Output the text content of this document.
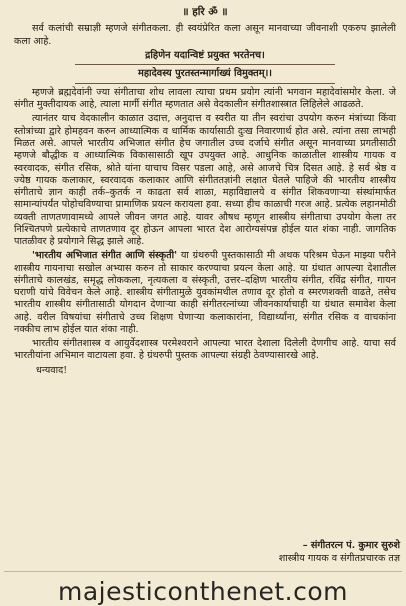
॥ हरि ॐ ॥

सर्व कलांची सम्राज्ञी म्हणजे संगीतकला. ही स्वयंप्रेरित कला असून मानवाच्या जीवनाशी एकरुप झालेली कला आहे.

द्रहिणेन यदान्विष्टं प्रयुक्त भरतेनच।
महादेवस्य पुरतस्तन्मार्गाख्यं विमुक्तम्।।

म्हणजे ब्रह्मदेवांनी ज्या संगीताचा शोध लावला त्याचा प्रथम प्रयोग त्यांनी भगवान महादेवांसमोर केला. जे संगीत मुक्तीदायक आहे, त्याला मार्गी संगीत म्हणतात असे वेदकालीन संगीतशास्त्रात लिहिलेले आढळते.

त्यानंतर याच वेदकालीन काळात उदात्त, अनुदात्त व स्वरीत या तीन स्वरांचा उपयोग करुन मंत्रांच्या किंवा स्तोत्रांच्या द्वारे होमहवन करुन आध्यात्मिक व धार्मिक कार्यासाठी दुःख निवारणार्थ होत असे. त्यांना तसा लाभही मिळत असे. आपले भारतीय अभिजात संगीत हेच जगातील उच्च दर्जाचे संगीत असून मानवाच्या प्रगतीसाठी म्हणजे बौद्धीक व आध्यात्मिक विकासासाठी खूप उपयुक्त आहे. आधुनिक काळातील शास्त्रीय गायक व स्वरवादक, संगीत रसिक, श्रोते यांना याचाच विसर पडला आहे, असे आजचे चित्र दिसत आहे. हे सर्व श्रेष्ठ व ज्येष्ठ गायक कलाकार, स्वरवादक कलाकार आणि संगीततज्ञांनी लक्षात घेतले पाहिजे की भारतीय शास्त्रीय संगीताचे ज्ञान काही तर्क–कुतर्क न काढता सर्व शाळा, महाविद्यालये व संगीत शिकवणाऱ्या संस्थांमार्फत सामान्यांपर्यंत पोहोचविण्याचा प्रामाणिक प्रयत्न करायला हवा. सध्या हीच काळाची गरज आहे. प्रत्येक लहानमोठी व्यक्ती ताणतणावामध्ये आपले जीवन जगत आहे. यावर औषध म्हणून शास्त्रीय संगीताचा उपयोग केला तर निश्चितपणे प्रत्येकाचे ताणतणाव दूर होऊन आपला भारत देश आरोग्यसंपन्न होईल यात शंका नाही. जागतिक पातळीवर हे प्रयोगाने सिद्ध झाले आहे.

'भारतीय अभिजात संगीत आणि संस्कृती' या ग्रंथरुपी पुस्तकासाठी मी अथक परिश्रम घेऊन माझ्या परीने शास्त्रीय गायनाचा सखोल अभ्यास करुन तो साकार करण्याचा प्रयत्न केला आहे. या ग्रंथात आपल्या देशातील संगीताचे कालखंड, समृद्ध लोककला, नृत्यकला व संस्कृती, उत्तर–दक्षिण भारतीय संगीत, रविंद्र संगीत, गायन घराणी यांचे विवेचन केले आहे. शास्त्रीय संगीतामुळे युवकांमधील तणाव दूर होतो व स्मरणशक्ती वाढते, तसेच भारतीय शास्त्रीय संगीतासाठी योगदान देणाऱ्या काही संगीतरत्नांच्या जीवनकार्याचाही या ग्रंथात समावेश केला आहे. वरील विषयांचा संगीताचे उच्च शिक्षण घेणाऱ्या कलाकारांना, विद्यार्थ्यांना, संगीत रसिक व वाचकांना नक्कीच लाभ होईल यात शंका नाही.

भारतीय संगीतशास्त्र व आयुर्वेदशास्त्र परमेश्वराने आपल्या भारत देशाला दिलेली देणगीच आहे. याचा सर्व भारतीयांना अभिमान वाटायला हवा. हे ग्रंथरुपी पुस्तक आपल्या संग्रही ठेवण्यासारखे आहे.

धन्यवाद!
– संगीतरत्न पं. कुमार सुरुशे
शास्त्रीय गायक व संगीतप्रचारक तज्ञ
majesticonthenet.com
